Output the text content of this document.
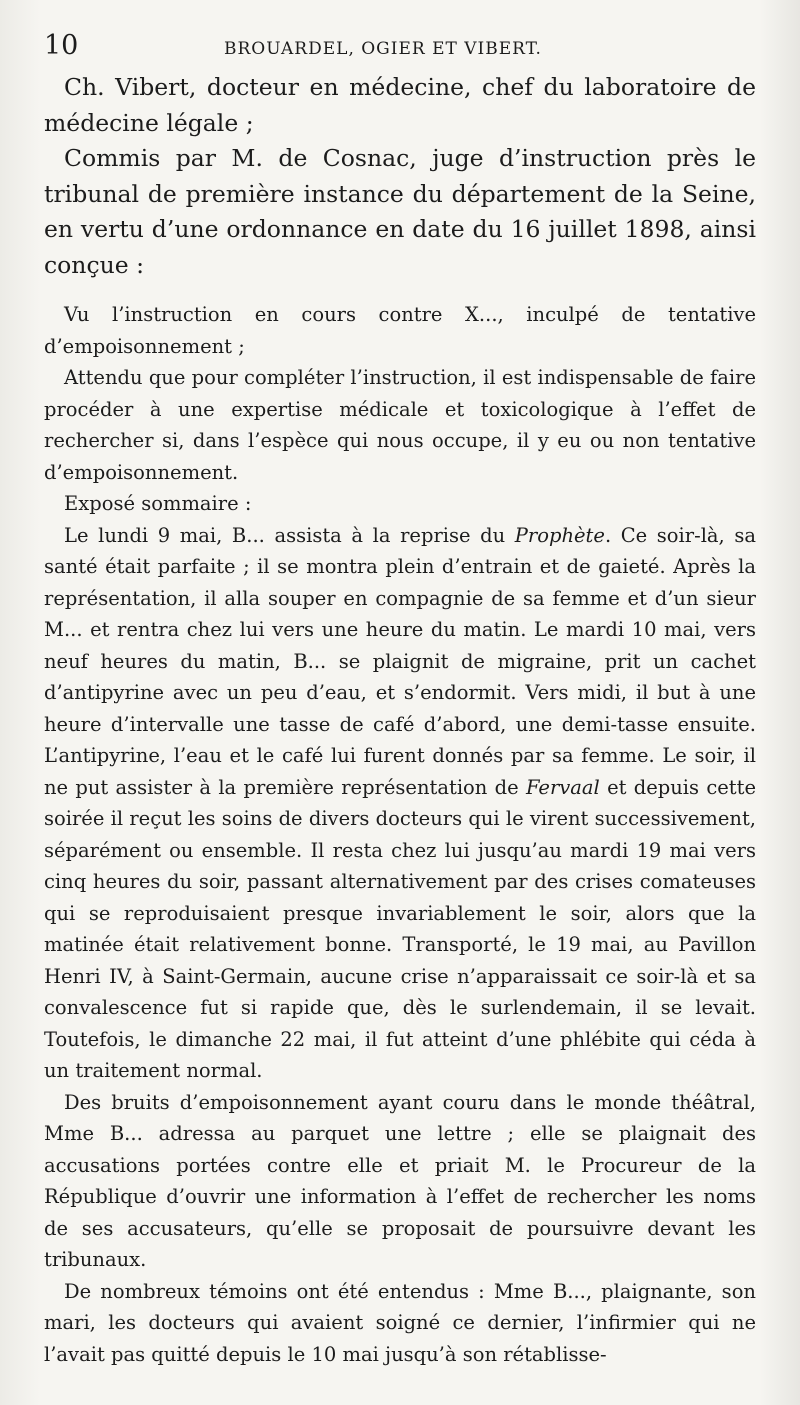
10	BROUARDEL, OGIER ET VIBERT.

Ch. Vibert, docteur en médecine, chef du laboratoire de médecine légale ;

Commis par M. de Cosnac, juge d’instruction près le tribunal de première instance du département de la Seine, en vertu d’une ordonnance en date du 16 juillet 1898, ainsi conçue :

Vu l’instruction en cours contre X..., inculpé de tentative d’empoisonnement ;

Attendu que pour compléter l’instruction, il est indispensable de faire procéder à une expertise médicale et toxicologique à l’effet de rechercher si, dans l’espèce qui nous occupe, il y eu ou non tentative d’empoisonnement.

Exposé sommaire :

Le lundi 9 mai, B... assista à la reprise du Prophète. Ce soir-là, sa santé était parfaite ; il se montra plein d’entrain et de gaieté. Après la représentation, il alla souper en compagnie de sa femme et d’un sieur M... et rentra chez lui vers une heure du matin. Le mardi 10 mai, vers neuf heures du matin, B... se plaignit de migraine, prit un cachet d’antipyrine avec un peu d’eau, et s’endormit. Vers midi, il but à une heure d’intervalle une tasse de café d’abord, une demi-tasse ensuite. L’antipyrine, l’eau et le café lui furent donnés par sa femme. Le soir, il ne put assister à la première représentation de Fervaal et depuis cette soirée il reçut les soins de divers docteurs qui le virent successivement, séparément ou ensemble. Il resta chez lui jusqu’au mardi 19 mai vers cinq heures du soir, passant alternativement par des crises comateuses qui se reproduisaient presque invariablement le soir, alors que la matinée était relativement bonne. Transporté, le 19 mai, au Pavillon Henri IV, à Saint-Germain, aucune crise n’apparaissait ce soir-là et sa convalescence fut si rapide que, dès le surlendemain, il se levait. Toutefois, le dimanche 22 mai, il fut atteint d’une phlébite qui céda à un traitement normal.

Des bruits d’empoisonnement ayant couru dans le monde théâtral, Mme B... adressa au parquet une lettre ; elle se plaignait des accusations portées contre elle et priait M. le Procureur de la République d’ouvrir une information à l’effet de rechercher les noms de ses accusateurs, qu’elle se proposait de poursuivre devant les tribunaux.

De nombreux témoins ont été entendus : Mme B..., plaignante, son mari, les docteurs qui avaient soigné ce dernier, l’infirmier qui ne l’avait pas quitté depuis le 10 mai jusqu’à son rétablisse-
